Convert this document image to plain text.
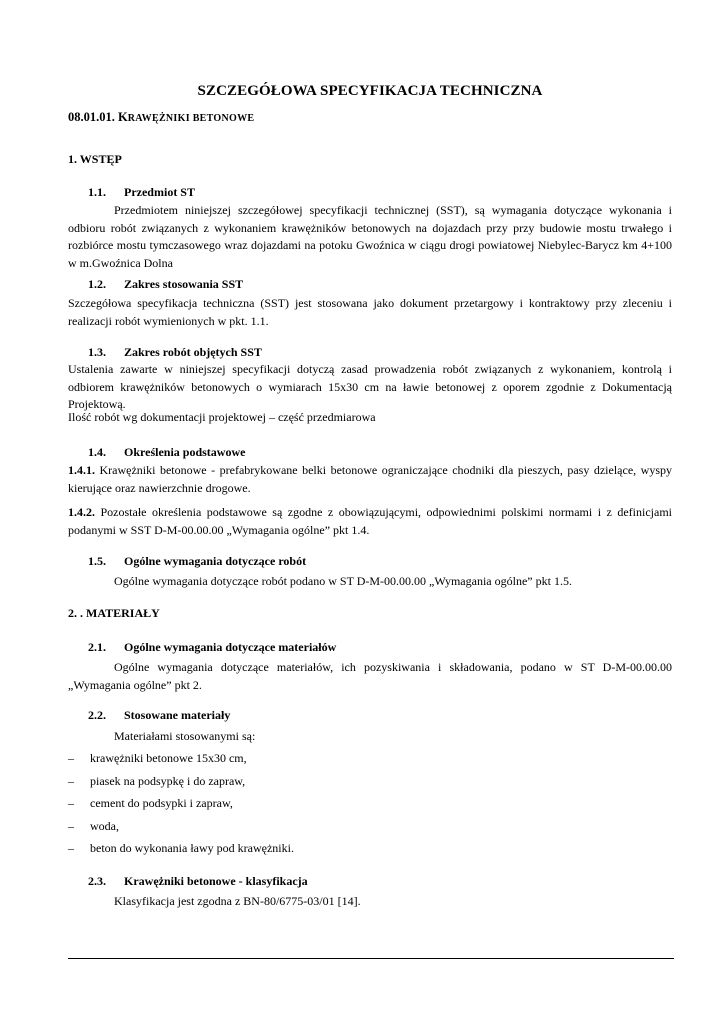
SZCZEGÓŁOWA SPECYFIKACJA TECHNICZNA
08.01.01. KRAWĘŻNIKI BETONOWE
1. WSTĘP
1.1. Przedmiot ST
Przedmiotem niniejszej szczegółowej specyfikacji technicznej (SST), są wymagania dotyczące wykonania i odbioru robót związanych z wykonaniem krawężników betonowych na dojazdach przy przy budowie mostu trwałego i rozbiórce mostu tymczasowego wraz dojazdami na potoku Gwoźnica w ciągu drogi powiatowej Niebylec-Barycz km 4+100 w m.Gwoźnica Dolna
1.2. Zakres stosowania SST
Szczegółowa specyfikacja techniczna (SST) jest stosowana jako dokument przetargowy i kontraktowy przy zleceniu i realizacji robót wymienionych w pkt. 1.1.
1.3. Zakres robót objętych SST
Ustalenia zawarte w niniejszej specyfikacji dotyczą zasad prowadzenia robót związanych z wykonaniem, kontrolą i odbiorem krawężników betonowych o wymiarach 15x30 cm na ławie betonowej z oporem zgodnie z Dokumentacją Projektową.
Ilość robót wg dokumentacji projektowej – część przedmiarowa
1.4. Określenia podstawowe
1.4.1. Krawężniki betonowe - prefabrykowane belki betonowe ograniczające chodniki dla pieszych, pasy dzielące, wyspy kierujące oraz nawierzchnie drogowe.
1.4.2. Pozostałe określenia podstawowe są zgodne z obowiązującymi, odpowiednimi polskimi normami i z definicjami podanymi w SST D-M-00.00.00 „Wymagania ogólne” pkt 1.4.
1.5. Ogólne wymagania dotyczące robót
Ogólne wymagania dotyczące robót podano w ST D-M-00.00.00 „Wymagania ogólne” pkt 1.5.
2. . MATERIAŁY
2.1. Ogólne wymagania dotyczące materiałów
Ogólne wymagania dotyczące materiałów, ich pozyskiwania i składowania, podano w ST D-M-00.00.00 „Wymagania ogólne” pkt 2.
2.2. Stosowane materiały
Materiałami stosowanymi są:
– krawężniki betonowe 15x30 cm,
– piasek na podsypkę i do zapraw,
– cement do podsypki i zapraw,
– woda,
– beton do wykonania ławy pod krawężniki.
2.3. Krawężniki betonowe - klasyfikacja
Klasyfikacja jest zgodna z BN-80/6775-03/01 [14].
